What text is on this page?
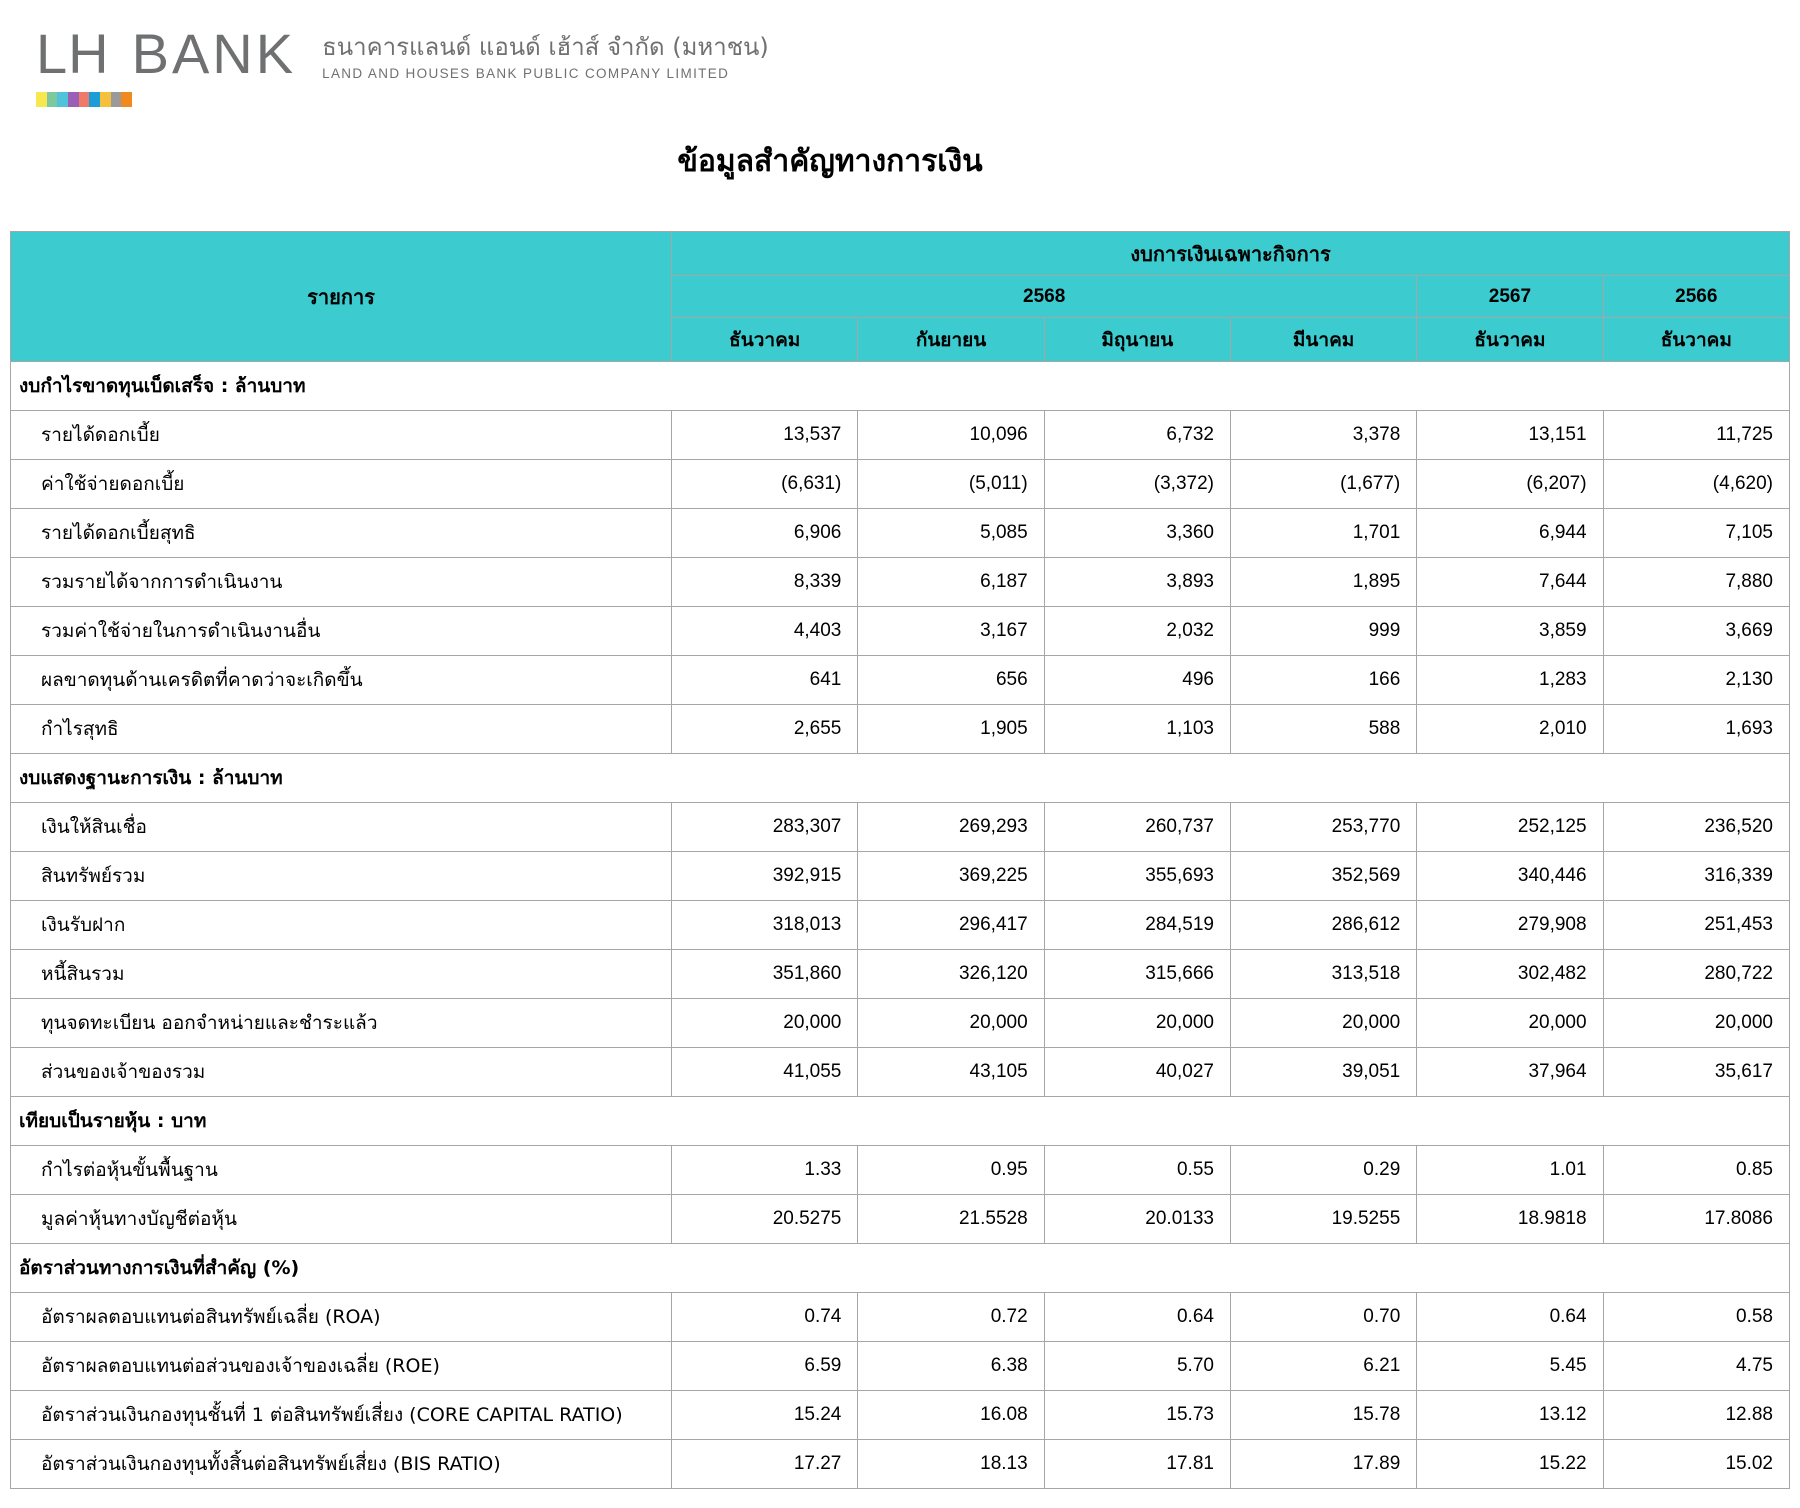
LH BANK ธนาคารแลนด์ แอนด์ เฮ้าส์ จำกัด (มหาชน)
LAND AND HOUSES BANK PUBLIC COMPANY LIMITED
ข้อมูลสำคัญทางการเงิน
รายการ	งบการเงินเฉพาะกิจการ					
	2568				2567	2566
	ธันวาคม	กันยายน	มิถุนายน	มีนาคม	ธันวาคม	ธันวาคม
งบกำไรขาดทุนเบ็ดเสร็จ : ล้านบาท						
รายได้ดอกเบี้ย	13,537	10,096	6,732	3,378	13,151	11,725
ค่าใช้จ่ายดอกเบี้ย	(6,631)	(5,011)	(3,372)	(1,677)	(6,207)	(4,620)
รายได้ดอกเบี้ยสุทธิ	6,906	5,085	3,360	1,701	6,944	7,105
รวมรายได้จากการดำเนินงาน	8,339	6,187	3,893	1,895	7,644	7,880
รวมค่าใช้จ่ายในการดำเนินงานอื่น	4,403	3,167	2,032	999	3,859	3,669
ผลขาดทุนด้านเครดิตที่คาดว่าจะเกิดขึ้น	641	656	496	166	1,283	2,130
กำไรสุทธิ	2,655	1,905	1,103	588	2,010	1,693
งบแสดงฐานะการเงิน : ล้านบาท						
เงินให้สินเชื่อ	283,307	269,293	260,737	253,770	252,125	236,520
สินทรัพย์รวม	392,915	369,225	355,693	352,569	340,446	316,339
เงินรับฝาก	318,013	296,417	284,519	286,612	279,908	251,453
หนี้สินรวม	351,860	326,120	315,666	313,518	302,482	280,722
ทุนจดทะเบียน ออกจำหน่ายและชำระแล้ว	20,000	20,000	20,000	20,000	20,000	20,000
ส่วนของเจ้าของรวม	41,055	43,105	40,027	39,051	37,964	35,617
เทียบเป็นรายหุ้น : บาท						
กำไรต่อหุ้นขั้นพื้นฐาน	1.33	0.95	0.55	0.29	1.01	0.85
มูลค่าหุ้นทางบัญชีต่อหุ้น	20.5275	21.5528	20.0133	19.5255	18.9818	17.8086
อัตราส่วนทางการเงินที่สำคัญ (%)						
อัตราผลตอบแทนต่อสินทรัพย์เฉลี่ย (ROA)	0.74	0.72	0.64	0.70	0.64	0.58
อัตราผลตอบแทนต่อส่วนของเจ้าของเฉลี่ย (ROE)	6.59	6.38	5.70	6.21	5.45	4.75
อัตราส่วนเงินกองทุนชั้นที่ 1 ต่อสินทรัพย์เสี่ยง (CORE CAPITAL RATIO)	15.24	16.08	15.73	15.78	13.12	12.88
อัตราส่วนเงินกองทุนทั้งสิ้นต่อสินทรัพย์เสี่ยง (BIS RATIO)	17.27	18.13	17.81	17.89	15.22	15.02
